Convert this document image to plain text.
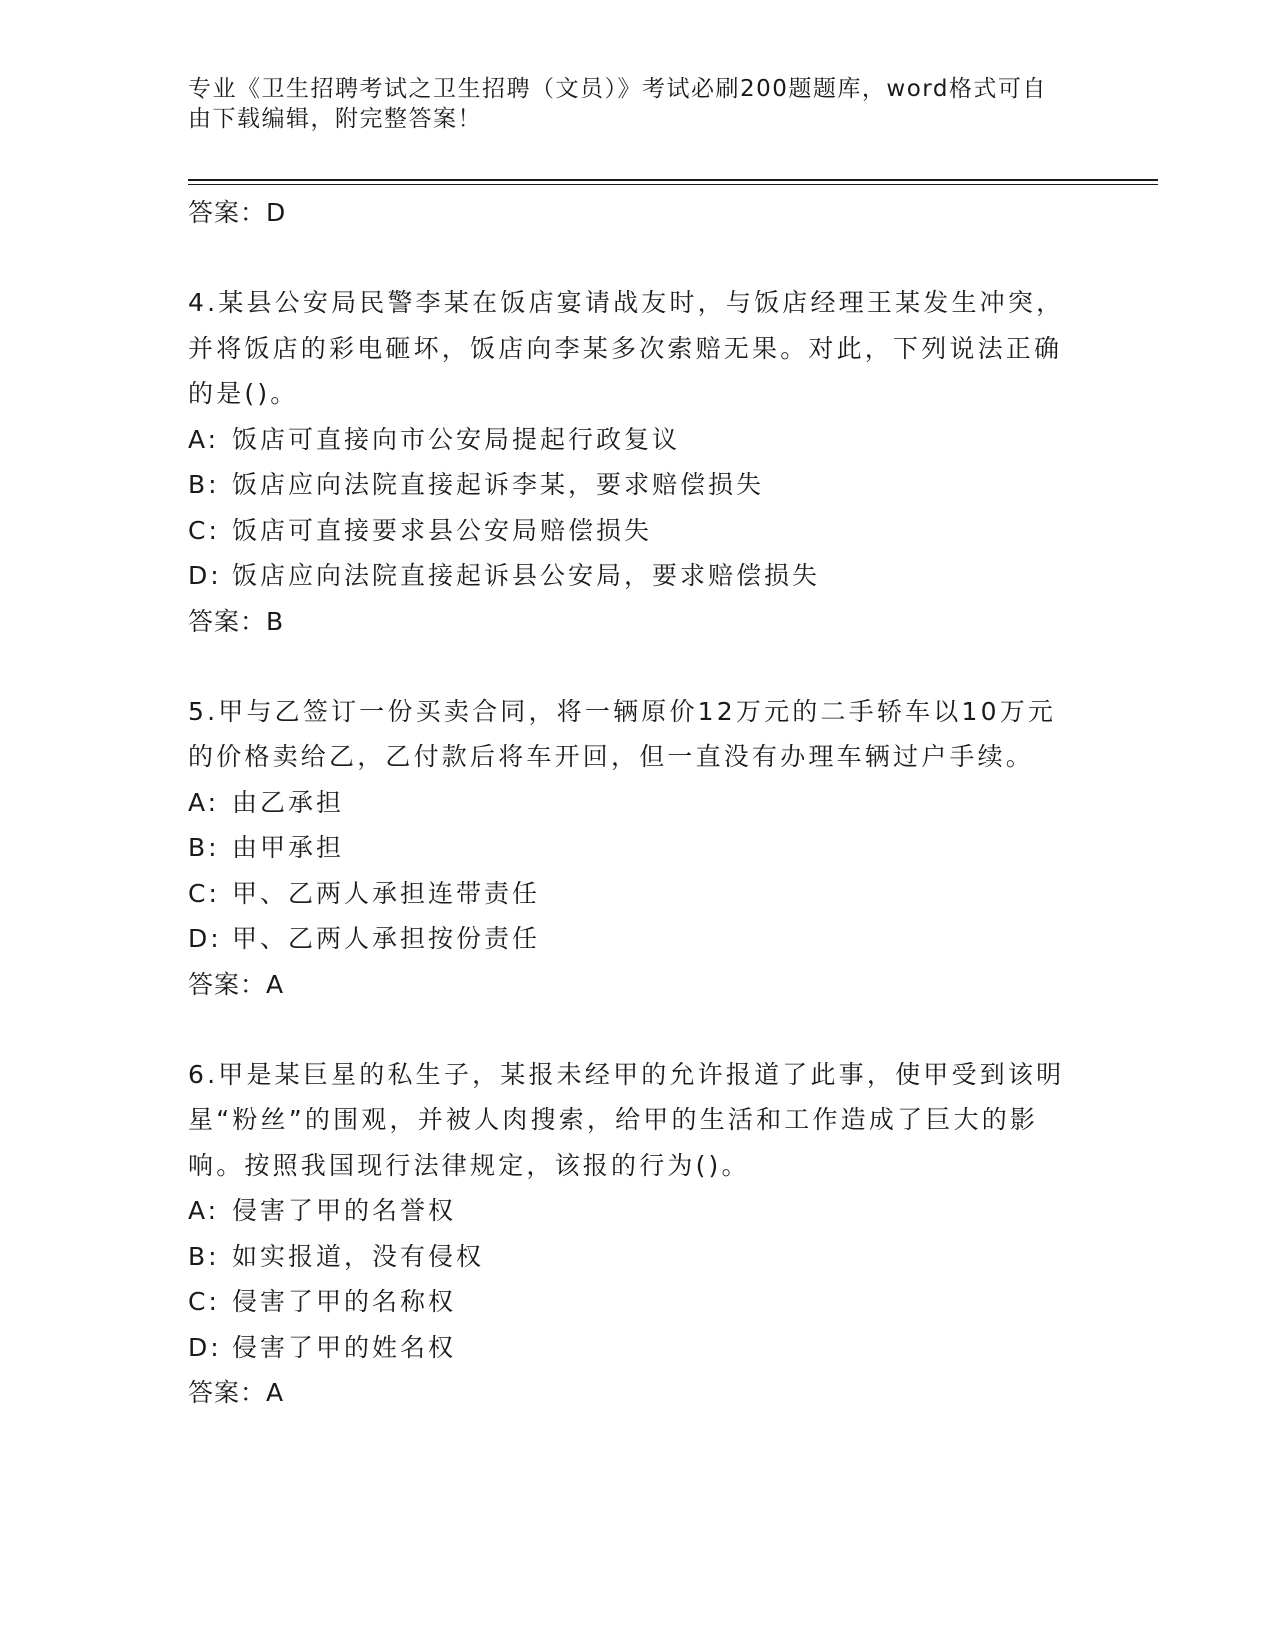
专业《卫生招聘考试之卫生招聘（文员）》考试必刷200题题库，word格式可自由下载编辑，附完整答案！
答案：D
4.某县公安局民警李某在饭店宴请战友时，与饭店经理王某发生冲突，并将饭店的彩电砸坏，饭店向李某多次索赔无果。对此，下列说法正确的是()。
A: 饭店可直接向市公安局提起行政复议
B: 饭店应向法院直接起诉李某，要求赔偿损失
C: 饭店可直接要求县公安局赔偿损失
D: 饭店应向法院直接起诉县公安局，要求赔偿损失
答案：B
5.甲与乙签订一份买卖合同，将一辆原价12万元的二手轿车以10万元的价格卖给乙，乙付款后将车开回，但一直没有办理车辆过户手续。
A: 由乙承担
B: 由甲承担
C: 甲、乙两人承担连带责任
D: 甲、乙两人承担按份责任
答案：A
6.甲是某巨星的私生子，某报未经甲的允许报道了此事，使甲受到该明星“粉丝”的围观，并被人肉搜索，给甲的生活和工作造成了巨大的影响。按照我国现行法律规定，该报的行为()。
A: 侵害了甲的名誉权
B: 如实报道，没有侵权
C: 侵害了甲的名称权
D: 侵害了甲的姓名权
答案：A
